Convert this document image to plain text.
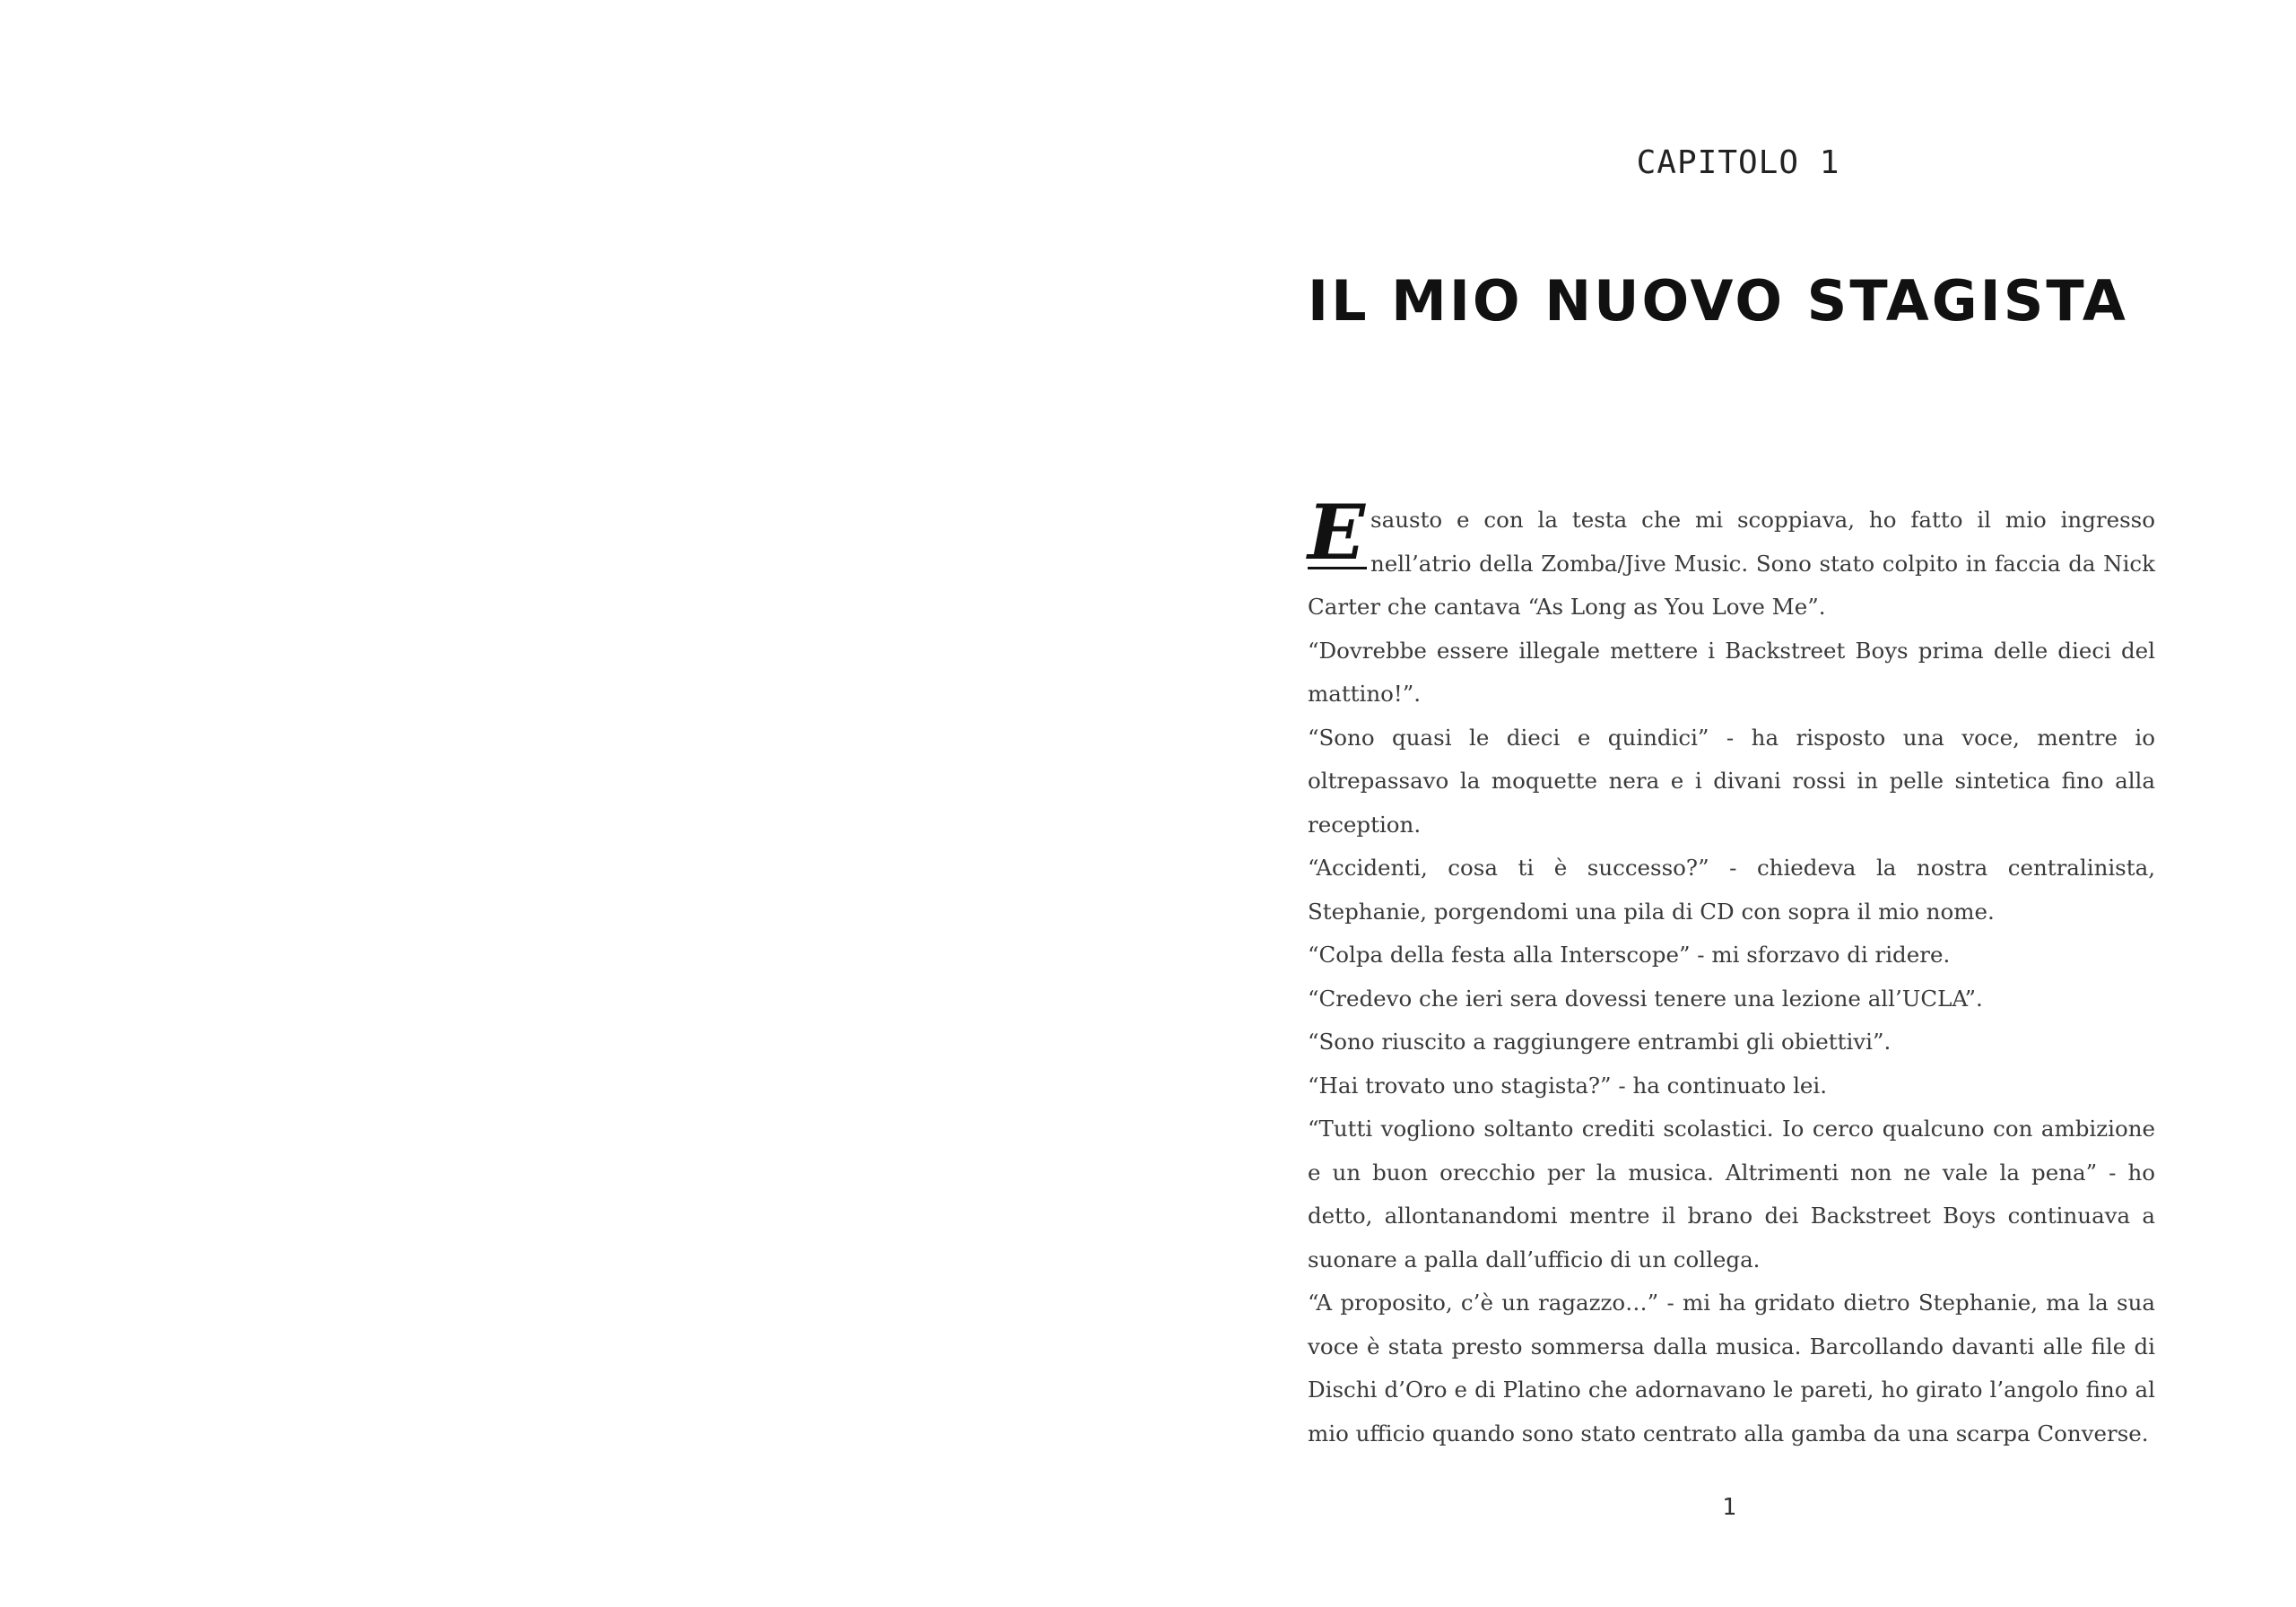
CAPITOLO 1
IL MIO NUOVO STAGISTA

E sausto e con la testa che mi scoppiava, ho fatto il mio ingresso nell’atrio della Zomba/Jive Music. Sono stato colpito in faccia da Nick Carter che cantava “As Long as You Love Me”.

“Dovrebbe essere illegale mettere i Backstreet Boys prima delle dieci del mattino!”.

“Sono quasi le dieci e quindici” - ha risposto una voce, mentre io oltrepassavo la moquette nera e i divani rossi in pelle sintetica fino alla reception.

“Accidenti, cosa ti è successo?” - chiedeva la nostra centralinista, Stephanie, porgendomi una pila di CD con sopra il mio nome.

“Colpa della festa alla Interscope” - mi sforzavo di ridere.

“Credevo che ieri sera dovessi tenere una lezione all’UCLA”.

“Sono riuscito a raggiungere entrambi gli obiettivi”.

“Hai trovato uno stagista?” - ha continuato lei.

“Tutti vogliono soltanto crediti scolastici. Io cerco qualcuno con ambizione e un buon orecchio per la musica. Altrimenti non ne vale la pena” - ho detto, allontanandomi mentre il brano dei Backstreet Boys continuava a suonare a palla dall’ufficio di un collega.

“A proposito, c’è un ragazzo…” - mi ha gridato dietro Stephanie, ma la sua voce è stata presto sommersa dalla musica. Barcollando davanti alle file di Dischi d’Oro e di Platino che adornavano le pareti, ho girato l’angolo fino al mio ufficio quando sono stato centrato alla gamba da una scarpa Converse.

1
